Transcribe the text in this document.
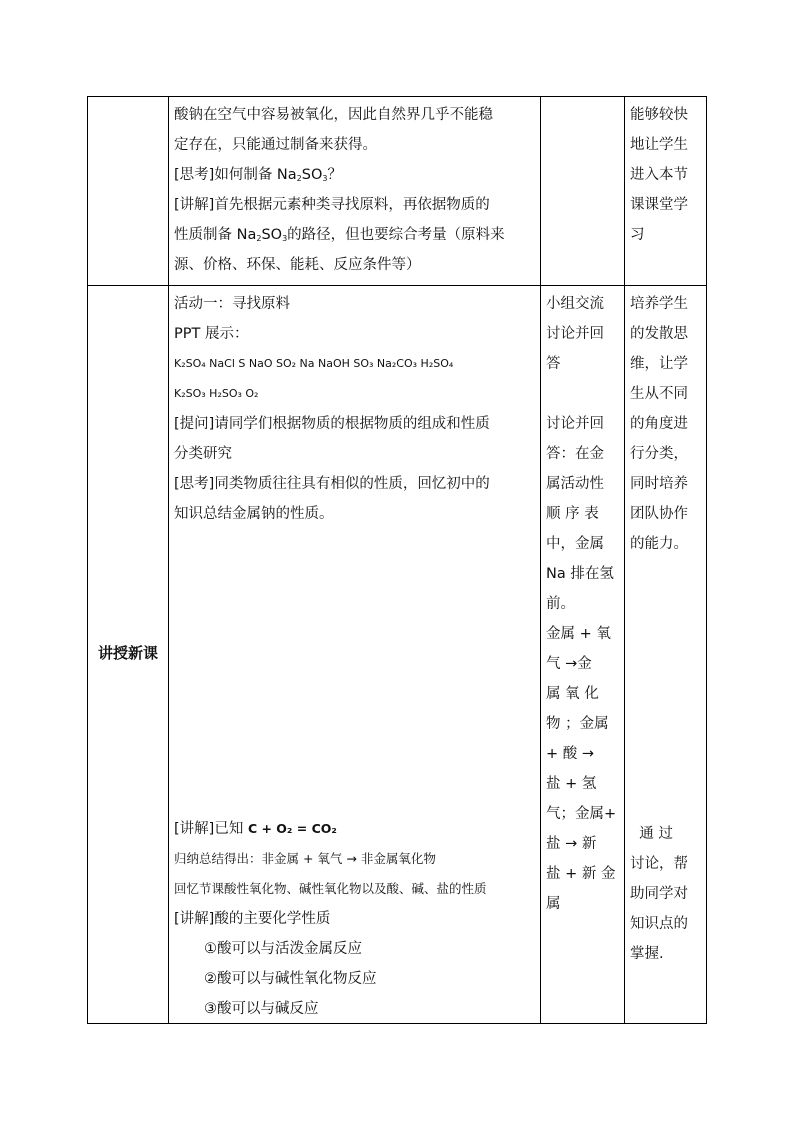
酸钠在空气中容易被氧化，因此自然界几乎不能稳
定存在，只能通过制备来获得。
[思考]如何制备 $Na_2SO_3$？
[讲解]首先根据元素种类寻找原料，再依据物质的
性质制备 $Na_2SO_3$的路径，但也要综合考量（原料来
源、价格、环保、能耗、反应条件等）
能够较快
地让学生
进入本节
课课堂学
习
讲授新课
活动一：寻找原料
PPT 展示：
K₂SO₄ NaCl S NaO SO₂ Na NaOH SO₃ Na₂CO₃ H₂SO₄
K₂SO₃ H₂SO₃ O₂
[提问]请同学们根据物质的根据物质的组成和性质
分类研究
[思考]同类物质往往具有相似的性质，回忆初中的
知识总结金属钠的性质。
[讲解]已知 C + O₂ = CO₂
归纳总结得出：非金属 + 氧气 → 非金属氧化物
回忆节课酸性氧化物、碱性氧化物以及酸、碱、盐的性质
[讲解]酸的主要化学性质
①酸可以与活泼金属反应
②酸可以与碱性氧化物反应
③酸可以与碱反应
小组交流
讨论并回
答
讨论并回
答：在金
属活动性
顺 序 表
中，金属
Na 排在氢
前。
金属 + 氧
气 →金
属 氧 化
物 ；金属
+ 酸 →
盐 + 氢
气；金属+
盐 → 新
盐 + 新 金
属
培养学生
的发散思
维，让学
生从不同
的角度进
行分类，
同时培养
团队协作
的能力。
通 过
讨论，帮
助同学对
知识点的
掌握.
